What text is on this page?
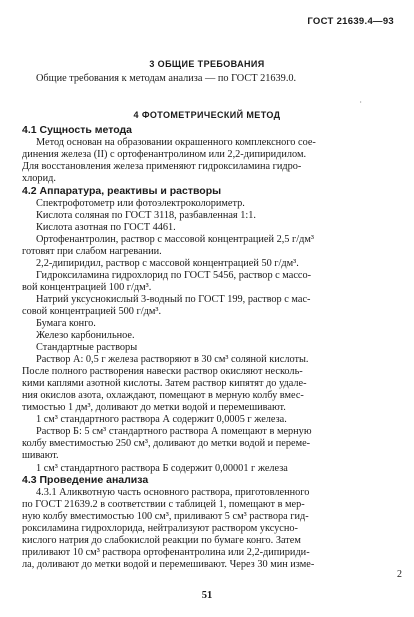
ГОСТ 21639.4—93
3 ОБЩИЕ ТРЕБОВАНИЯ
Общие требования к методам анализа — по ГОСТ 21639.0.
·
4 ФОТОМЕТРИЧЕСКИЙ МЕТОД
4.1 Сущность метода
Метод основан на образовании окрашенного комплексного сое-
динения железа (II) с ортофенантролином или 2,2-дипиридилом.
Для восстановления железа применяют гидроксиламина гидро-
хлорид.
4.2 Аппаратура, реактивы и растворы
Спектрофотометр или фотоэлектроколориметр.
Кислота соляная по ГОСТ 3118, разбавленная 1:1.
Кислота азотная по ГОСТ 4461.
Ортофенантролин, раствор с массовой концентрацией 2,5 г/дм³
готовят при слабом нагревании.
2,2-дипиридил, раствор с массовой концентрацией 50 г/дм³.
Гидроксиламина гидрохлорид по ГОСТ 5456, раствор с массо-
вой концентрацией 100 г/дм³.
Натрий уксуснокислый 3-водный по ГОСТ 199, раствор с мас-
совой концентрацией 500 г/дм³.
Бумага конго.
Железо карбонильное.
Стандартные растворы
Раствор А: 0,5 г железа растворяют в 30 см³ соляной кислоты.
После полного растворения навески раствор окисляют несколь-
кими каплями азотной кислоты. Затем раствор кипятят до удале-
ния окислов азота, охлаждают, помещают в мерную колбу вмес-
тимостью 1 дм³, доливают до метки водой и перемешивают.
1 см³ стандартного раствора А содержит 0,0005 г железа.
Раствор Б: 5 см³ стандартного раствора А помещают в мерную
колбу вместимостью 250 см³, доливают до метки водой и переме-
шивают.
1 см³ стандартного раствора Б содержит 0,00001 г железа
4.3 Проведение анализа
4.3.1 Аликвотную часть основного раствора, приготовленного
по ГОСТ 21639.2 в соответствии с таблицей 1, помещают в мер-
ную колбу вместимостью 100 см³, приливают 5 см³ раствора гид-
роксиламина гидрохлорида, нейтрализуют раствором уксусно-
кислого натрия до слабокислой реакции по бумаге конго. Затем
приливают 10 см³ раствора ортофенантролина или 2,2-дипириди-
ла, доливают до метки водой и перемешивают. Через 30 мин изме-
2
51
